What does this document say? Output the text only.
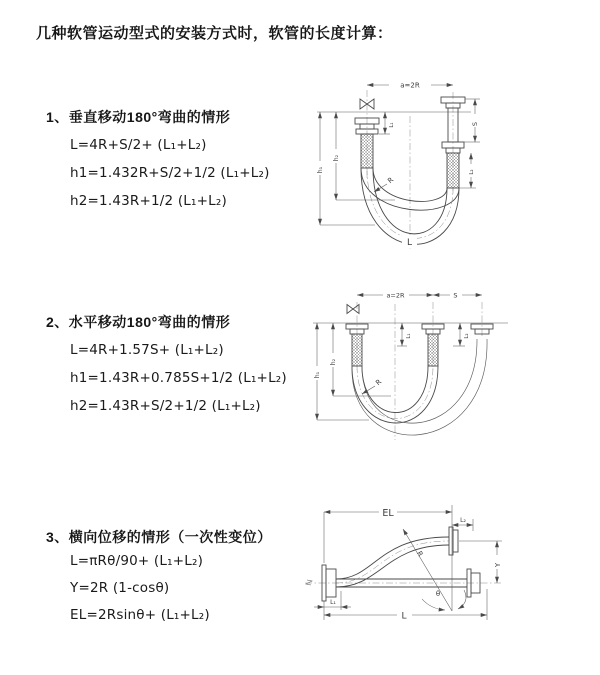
几种软管运动型式的安装方式时，软管的长度计算：
1、垂直移动180°弯曲的情形
L=4R+S/2+ (L₁+L₂)
h1=1.432R+S/2+1/2 (L₁+L₂)
h2=1.43R+1/2 (L₁+L₂)
2、水平移动180°弯曲的情形
L=4R+1.57S+ (L₁+L₂)
h1=1.43R+0.785S+1/2 (L₁+L₂)
h2=1.43R+S/2+1/2 (L₁+L₂)
3、横向位移的情形（一次性变位）
L=πRθ/90+ (L₁+L₂)
Y=2R (1-cosθ)
EL=2Rsinθ+ (L₁+L₂)
a=2R
S
L₂
L₁
h₂
h₁
R
L
a=2R	S
h₂
h₁
L₁	L₂
R
EL
L₂
Y
L
L₁
R
θ
